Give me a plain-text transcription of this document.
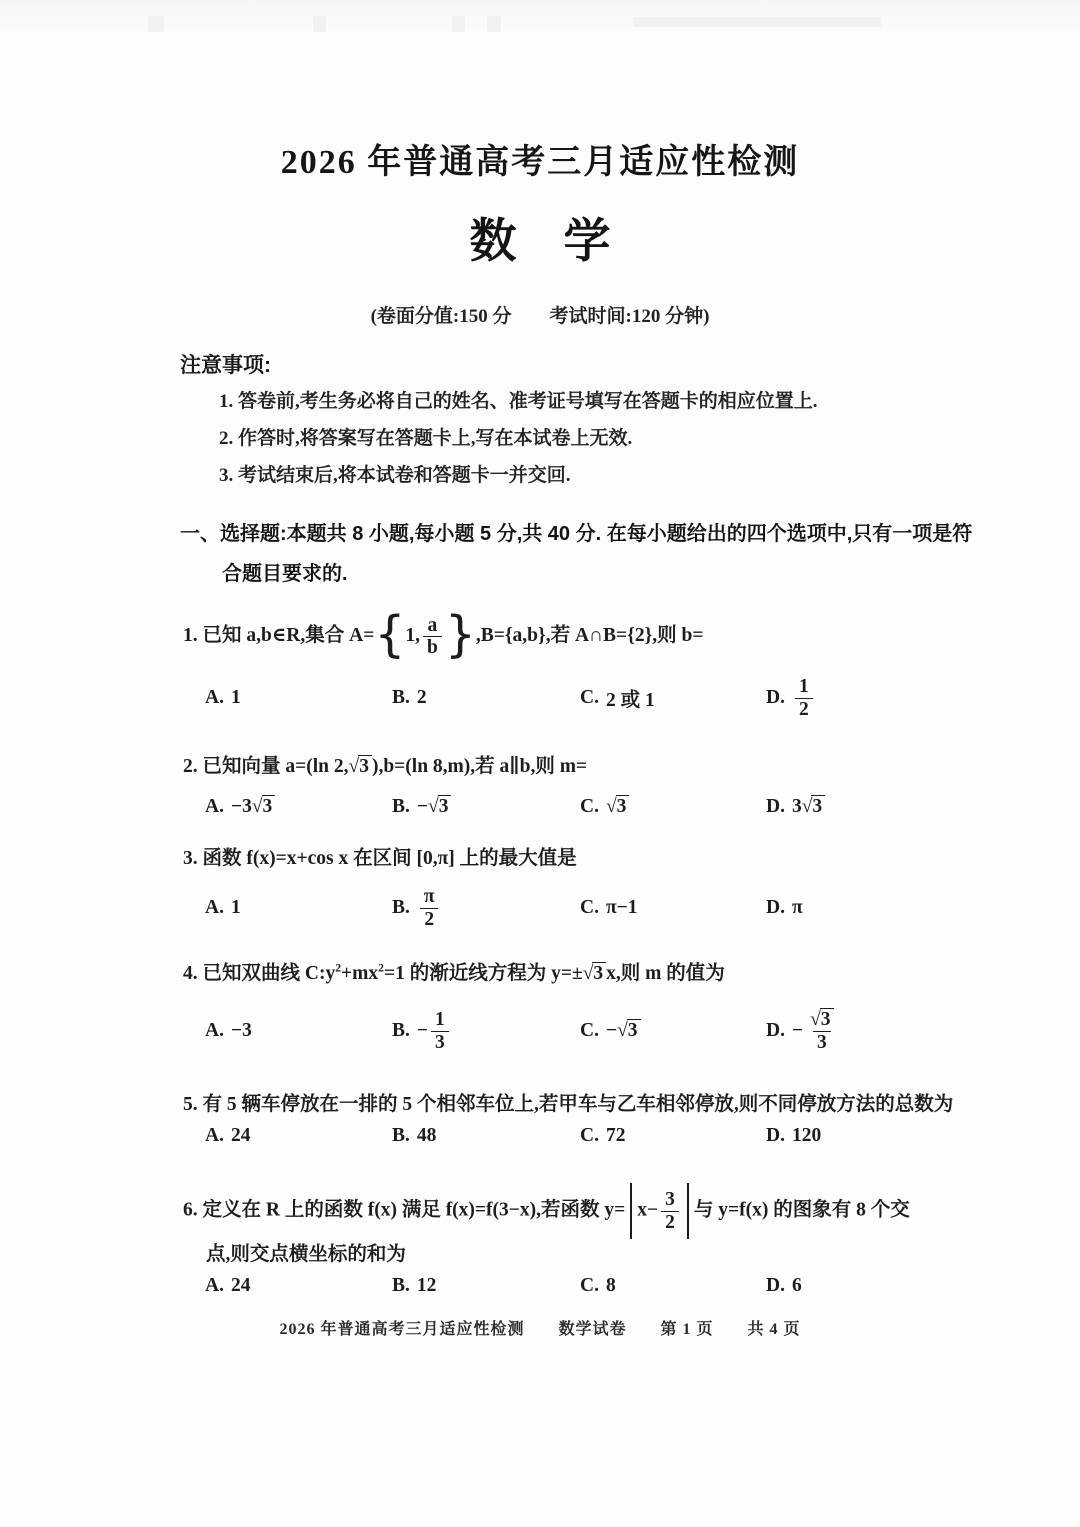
2026 年普通高考三月适应性检测
数　学
(卷面分值:150 分　　考试时间:120 分钟)
注意事项:
1. 答卷前,考生务必将自己的姓名、准考证号填写在答题卡的相应位置上.
2. 作答时,将答案写在答题卡上,写在本试卷上无效.
3. 考试结束后,将本试卷和答题卡一并交回.
一、选择题:本题共 8 小题,每小题 5 分,共 40 分. 在每小题给出的四个选项中,只有一项是符
合题目要求的.
1. 已知 a,b∈R,集合 A={1, $\frac{a}{b} \},B=\{a,b\}$,若 A∩B={2},则 b=
A. 1	B. 2	C. 2 或 1	D. $\frac{1}{2}$
2. 已知向量 a=(ln 2,√3 ),b=(ln 8,m),若 a∥b,则 m=
A. −3 √3	B. − √3	C. √3	D. 3 √3
3. 函数 f(x)=x+cos x 在区间 [0,π] 上的最大值是
A. 1	B. $\frac{\pi}{2}$	C. π−1	D. π
4. 已知双曲线 $C:y^2+mx^2=1$ 的渐近线方程为 y=±√3 x,则 m 的值为
A. −3	B. − $\frac{1}{3}$	C. − √3	D. − $\frac{√3}{3}$
5. 有 5 辆车停放在一排的 5 个相邻车位上,若甲车与乙车相邻停放,则不同停放方法的总数为
A. 24	B. 48	C. 72	D. 120
6. 定义在 R 上的函数 f(x) 满足 f(x)=f(3−x),若函数 $y= x- \frac{3}{2}$ 与 y=f(x) 的图象有 8 个交
点,则交点横坐标的和为
A. 24	B. 12	C. 8	D. 6
2026 年普通高考三月适应性检测　　数学试卷　　第 1 页　　共 4 页
